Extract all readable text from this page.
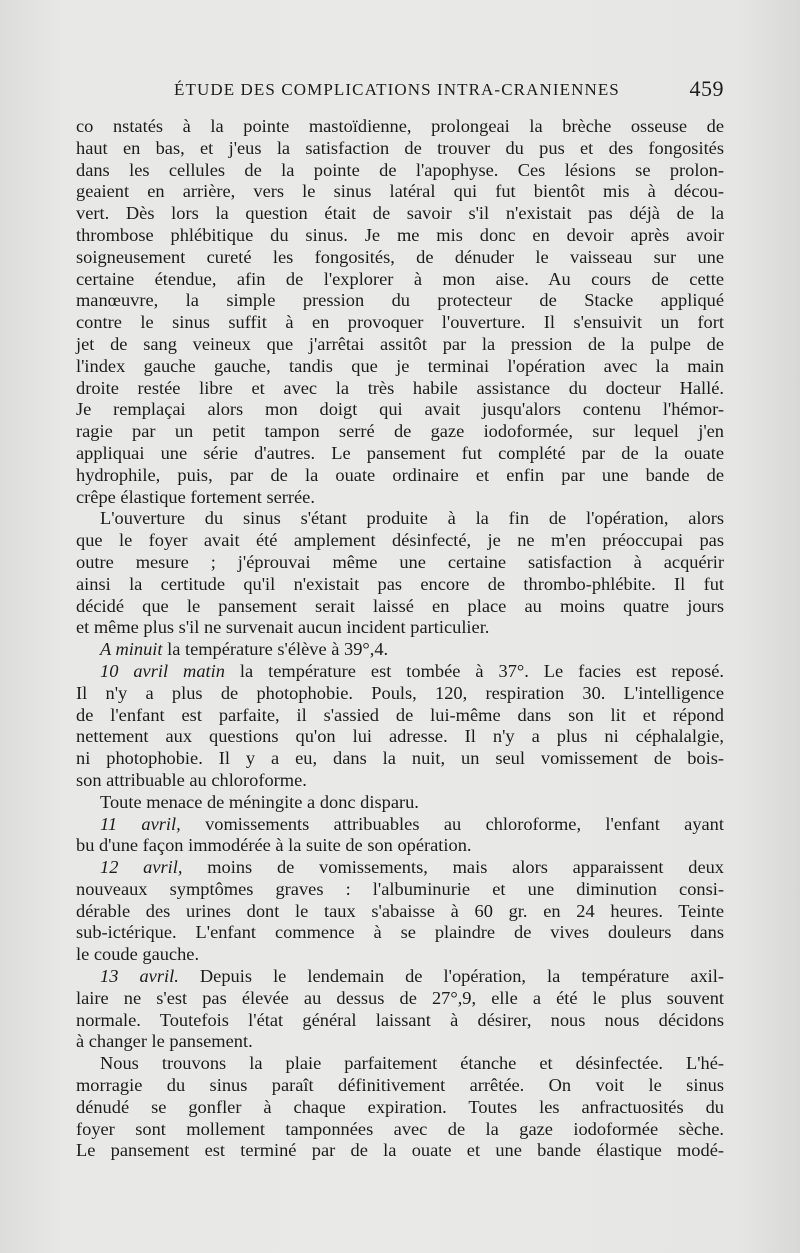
ÉTUDE DES COMPLICATIONS INTRA-CRANIENNES	459
co nstatés à la pointe mastoïdienne, prolongeai la brèche osseuse de
haut en bas, et j'eus la satisfaction de trouver du pus et des fongosités
dans les cellules de la pointe de l'apophyse. Ces lésions se prolon-
geaient en arrière, vers le sinus latéral qui fut bientôt mis à décou-
vert. Dès lors la question était de savoir s'il n'existait pas déjà de la
thrombose phlébitique du sinus. Je me mis donc en devoir après avoir
soigneusement cureté les fongosités, de dénuder le vaisseau sur une
certaine étendue, afin de l'explorer à mon aise. Au cours de cette
manœuvre, la simple pression du protecteur de Stacke appliqué
contre le sinus suffit à en provoquer l'ouverture. Il s'ensuivit un fort
jet de sang veineux que j'arrêtai assitôt par la pression de la pulpe de
l'index gauche gauche, tandis que je terminai l'opération avec la main
droite restée libre et avec la très habile assistance du docteur Hallé.
Je remplaçai alors mon doigt qui avait jusqu'alors contenu l'hémor-
ragie par un petit tampon serré de gaze iodoformée, sur lequel j'en
appliquai une série d'autres. Le pansement fut complété par de la ouate
hydrophile, puis, par de la ouate ordinaire et enfin par une bande de
crêpe élastique fortement serrée.
L'ouverture du sinus s'étant produite à la fin de l'opération, alors
que le foyer avait été amplement désinfecté, je ne m'en préoccupai pas
outre mesure ; j'éprouvai même une certaine satisfaction à acquérir
ainsi la certitude qu'il n'existait pas encore de thrombo-phlébite. Il fut
décidé que le pansement serait laissé en place au moins quatre jours
et même plus s'il ne survenait aucun incident particulier.
A minuit la température s'élève à 39°,4.
10 avril matin la température est tombée à 37°. Le facies est reposé.
Il n'y a plus de photophobie. Pouls, 120, respiration 30. L'intelligence
de l'enfant est parfaite, il s'assied de lui-même dans son lit et répond
nettement aux questions qu'on lui adresse. Il n'y a plus ni céphalalgie,
ni photophobie. Il y a eu, dans la nuit, un seul vomissement de bois-
son attribuable au chloroforme.
Toute menace de méningite a donc disparu.
11 avril, vomissements attribuables au chloroforme, l'enfant ayant
bu d'une façon immodérée à la suite de son opération.
12 avril, moins de vomissements, mais alors apparaissent deux
nouveaux symptômes graves : l'albuminurie et une diminution consi-
dérable des urines dont le taux s'abaisse à 60 gr. en 24 heures. Teinte
sub-ictérique. L'enfant commence à se plaindre de vives douleurs dans
le coude gauche.
13 avril. Depuis le lendemain de l'opération, la température axil-
laire ne s'est pas élevée au dessus de 27°,9, elle a été le plus souvent
normale. Toutefois l'état général laissant à désirer, nous nous décidons
à changer le pansement.
Nous trouvons la plaie parfaitement étanche et désinfectée. L'hé-
morragie du sinus paraît définitivement arrêtée. On voit le sinus
dénudé se gonfler à chaque expiration. Toutes les anfractuosités du
foyer sont mollement tamponnées avec de la gaze iodoformée sèche.
Le pansement est terminé par de la ouate et une bande élastique modé-
